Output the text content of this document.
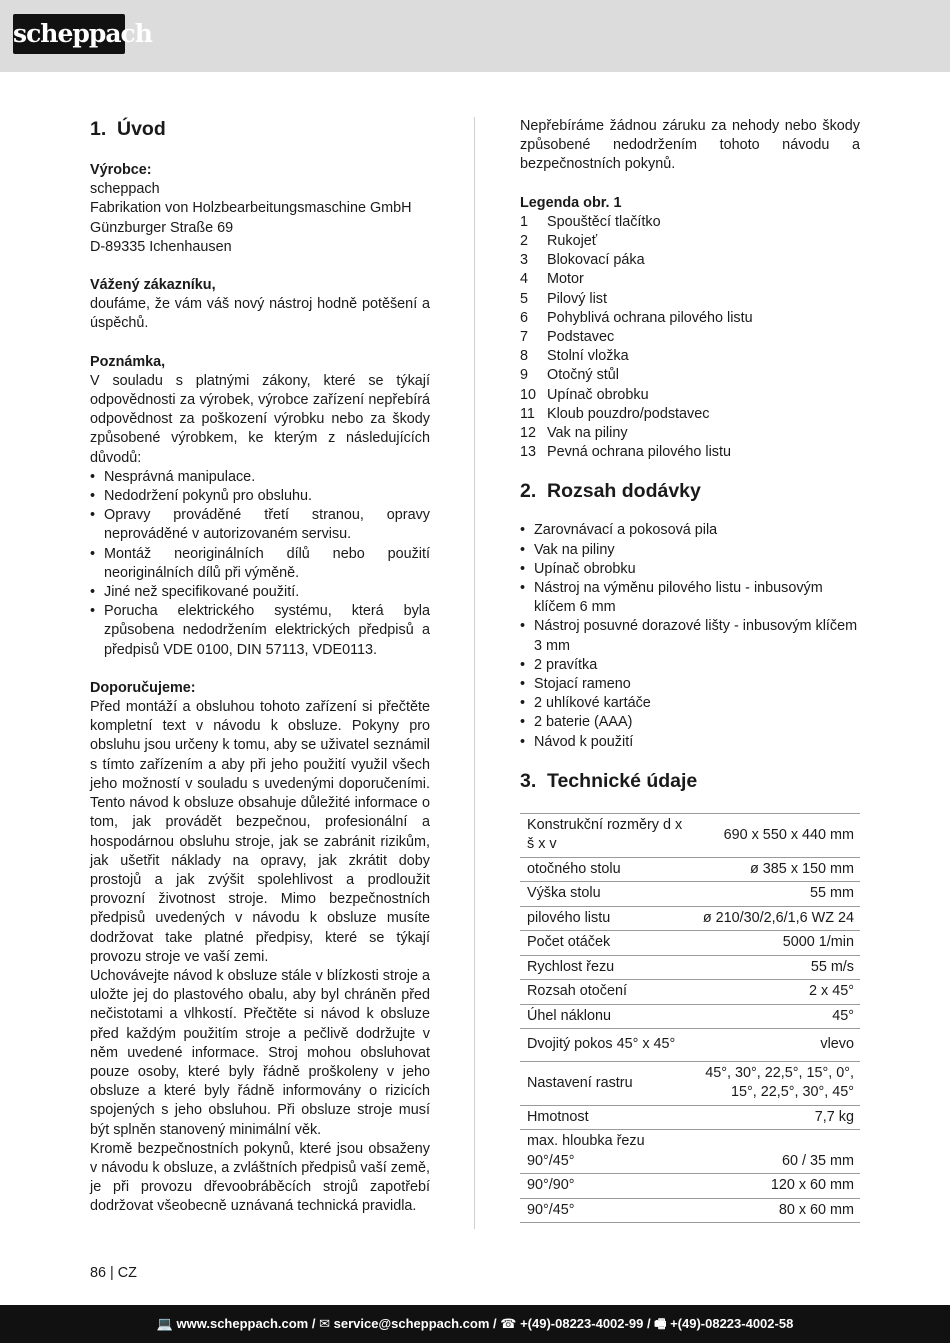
scheppach
1. Úvod

Výrobce:

scheppach

Fabrikation von Holzbearbeitungsmaschine GmbH

Günzburger Straße 69

D-89335 Ichenhausen

Vážený zákazníku,

doufáme, že vám váš nový nástroj hodně potěšení a úspěchů.

Poznámka,

V souladu s platnými zákony, které se týkají odpovědnosti za výrobek, výrobce zařízení nepřebírá odpovědnost za poškození výrobku nebo za škody způsobené výrobkem, ke kterým z následujících důvodů:

• Nesprávná manipulace.
• Nedodržení pokynů pro obsluhu.
• Opravy prováděné třetí stranou, opravy neprováděné v autorizovaném servisu.
• Montáž neoriginálních dílů nebo použití neoriginálních dílů při výměně.
• Jiné než specifikované použití.
• Porucha elektrického systému, která byla způsobena nedodržením elektrických předpisů a předpisů VDE 0100, DIN 57113, VDE0113.

Doporučujeme:

Před montáží a obsluhou tohoto zařízení si přečtěte kompletní text v návodu k obsluze. Pokyny pro obsluhu jsou určeny k tomu, aby se uživatel seznámil s tímto zařízením a aby při jeho použití využil všech jeho možností v souladu s uvedenými doporučeními. Tento návod k obsluze obsahuje důležité informace o tom, jak provádět bezpečnou, profesionální a hospodárnou obsluhu stroje, jak se zabránit rizikům, jak ušetřit náklady na opravy, jak zkrátit doby prostojů a jak zvýšit spolehlivost a prodloužit provozní životnost stroje. Mimo bezpečnostních předpisů uvedených v návodu k obsluze musíte dodržovat take platné předpisy, které se týkají provozu stroje ve vaší zemi.

Uchovávejte návod k obsluze stále v blízkosti stroje a uložte jej do plastového obalu, aby byl chráněn před nečistotami a vlhkostí. Přečtěte si návod k obsluze před každým použitím stroje a pečlivě dodržujte v něm uvedené informace. Stroj mohou obsluhovat pouze osoby, které byly řádně proškoleny v jeho obsluze a které byly řádně informovány o rizicích spojených s jeho obsluhou. Při obsluze stroje musí být splněn stanovený minimální věk.

Kromě bezpečnostních pokynů, které jsou obsaženy v návodu k obsluze, a zvláštních předpisů vaší země, je při provozu dřevoobráběcích strojů zapotřebí dodržovat všeobecně uznávaná technická pravidla.

Nepřebíráme žádnou záruku za nehody nebo škody způsobené nedodržením tohoto návodu a bezpečnostních pokynů.

Legenda obr. 1

1	Spouštěcí tlačítko
2	Rukojeť
3	Blokovací páka
4	Motor
5	Pilový list
6	Pohyblivá ochrana pilového listu
7	Podstavec
8	Stolní vložka
9	Otočný stůl
10 Upínač obrobku
11 Kloub pouzdro/podstavec
12 Vak na piliny
13 Pevná ochrana pilového listu
2. Rozsah dodávky
• Zarovnávací a pokosová pila
• Vak na piliny
• Upínač obrobku
• Nástroj na výměnu pilového listu - inbusovým klíčem 6 mm
• Nástroj posuvné dorazové lišty - inbusovým klíčem 3 mm
• 2 pravítka
• Stojací rameno
• 2 uhlíkové kartáče
• 2 baterie (AAA)
• Návod k použití
3. Technické údaje
Konstrukční rozměry d x š x v	690 x 550 x 440 mm
otočného stolu	ø 385 x 150 mm
Výška stolu	55 mm
pilového listu	ø 210/30/2,6/1,6 WZ 24
Počet otáček	5000 1/min
Rychlost řezu	55 m/s
Rozsah otočení	2 x 45°
Úhel náklonu	45°
Dvojitý pokos 45° x 45°	vlevo
Nastavení rastru	45°, 30°, 22,5°, 15°, 0°, 15°, 22,5°, 30°, 45°
Hmotnost	7,7 kg
max. hloubka řezu 90°/45°	60 / 35 mm
90°/90°	120 x 60 mm
90°/45°	80 x 60 mm
86 | CZ
💻 www.scheppach.com / ✉ service@scheppach.com / ☎ +(49)-08223-4002-99 / 🖷 +(49)-08223-4002-58
